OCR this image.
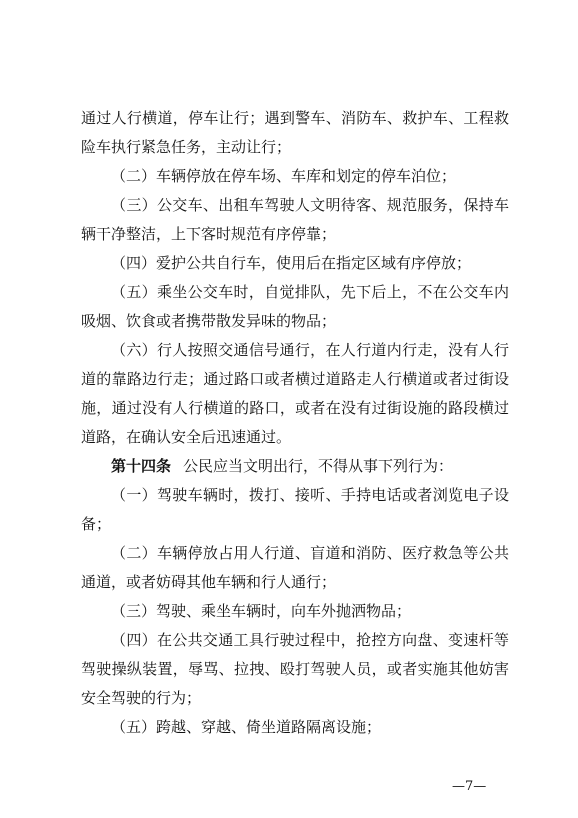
通过人行横道，停车让行；遇到警车、消防车、救护车、工程救险车执行紧急任务，主动让行；

（二）车辆停放在停车场、车库和划定的停车泊位；

（三）公交车、出租车驾驶人文明待客、规范服务，保持车辆干净整洁，上下客时规范有序停靠；

（四）爱护公共自行车，使用后在指定区域有序停放；

（五）乘坐公交车时，自觉排队，先下后上，不在公交车内吸烟、饮食或者携带散发异味的物品；

（六）行人按照交通信号通行，在人行道内行走，没有人行道的靠路边行走；通过路口或者横过道路走人行横道或者过街设施，通过没有人行横道的路口，或者在没有过街设施的路段横过道路，在确认安全后迅速通过。

第十四条 公民应当文明出行，不得从事下列行为：

（一）驾驶车辆时，拨打、接听、手持电话或者浏览电子设备；

（二）车辆停放占用人行道、盲道和消防、医疗救急等公共通道，或者妨碍其他车辆和行人通行；

（三）驾驶、乘坐车辆时，向车外抛洒物品；

（四）在公共交通工具行驶过程中，抢控方向盘、变速杆等驾驶操纵装置，辱骂、拉拽、殴打驾驶人员，或者实施其他妨害安全驾驶的行为；

（五）跨越、穿越、倚坐道路隔离设施；

—7—
